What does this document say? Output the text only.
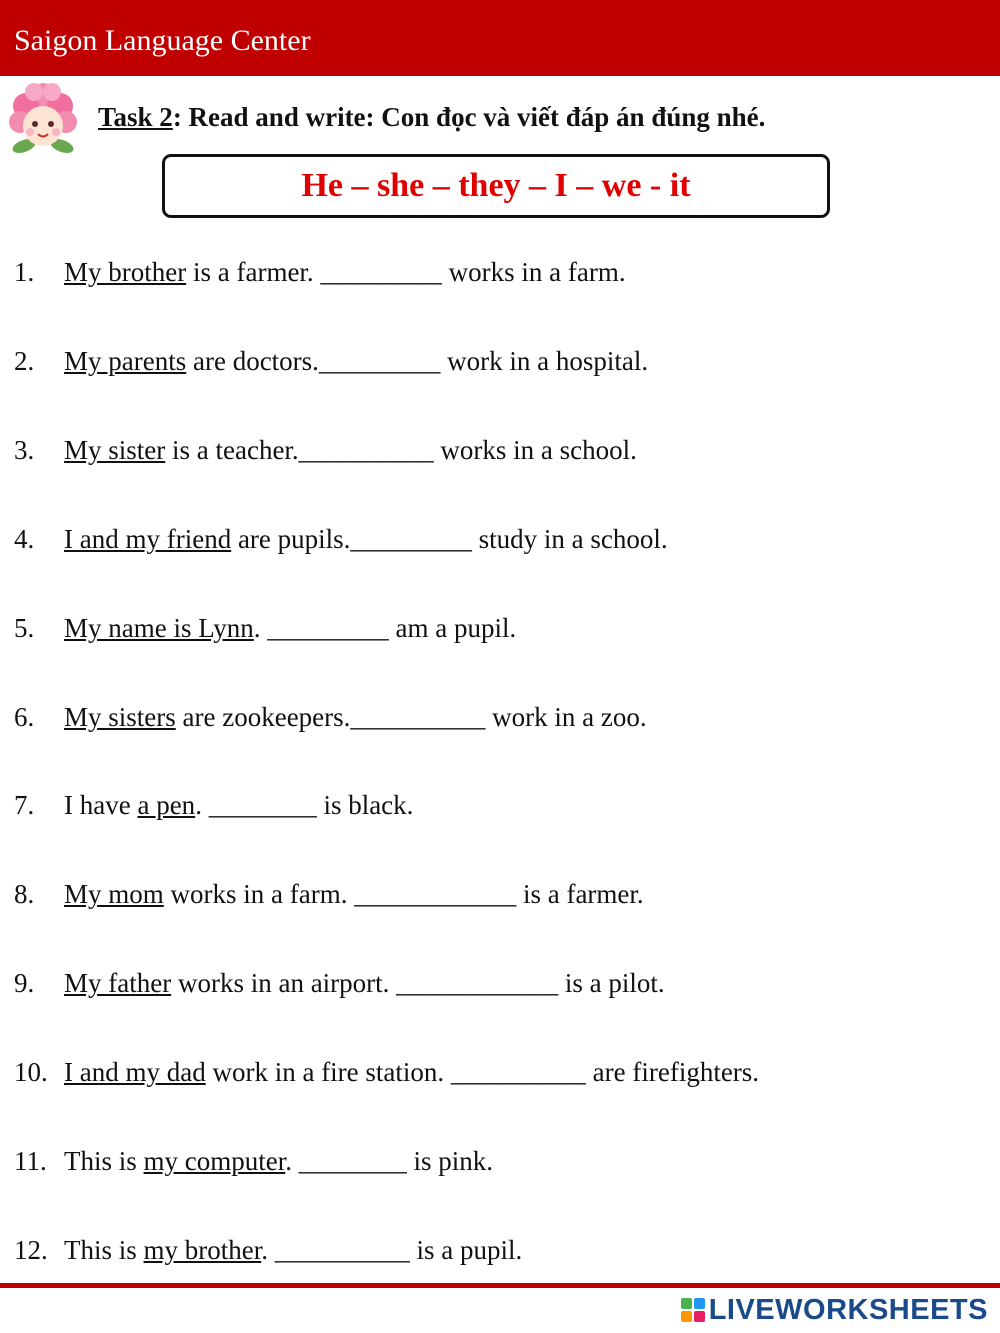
Saigon Language Center
Task 2: Read and write: Con đọc và viết đáp án đúng nhé.
He – she – they – I – we - it
1. My brother is a farmer. _________ works in a farm.
2. My parents are doctors._________ work in a hospital.
3. My sister is a teacher.__________ works in a school.
4. I and my friend are pupils._________ study in a school.
5. My name is Lynn. _________ am a pupil.
6. My sisters are zookeepers.__________ work in a zoo.
7. I have a pen. ________ is black.
8. My mom works in a farm. ____________ is a farmer.
9. My father works in an airport. ____________ is a pilot.
10. I and my dad work in a fire station. __________ are firefighters.
11. This is my computer. ________ is pink.
12. This is my brother. __________ is a pupil.
LIVEWORKSHEETS
